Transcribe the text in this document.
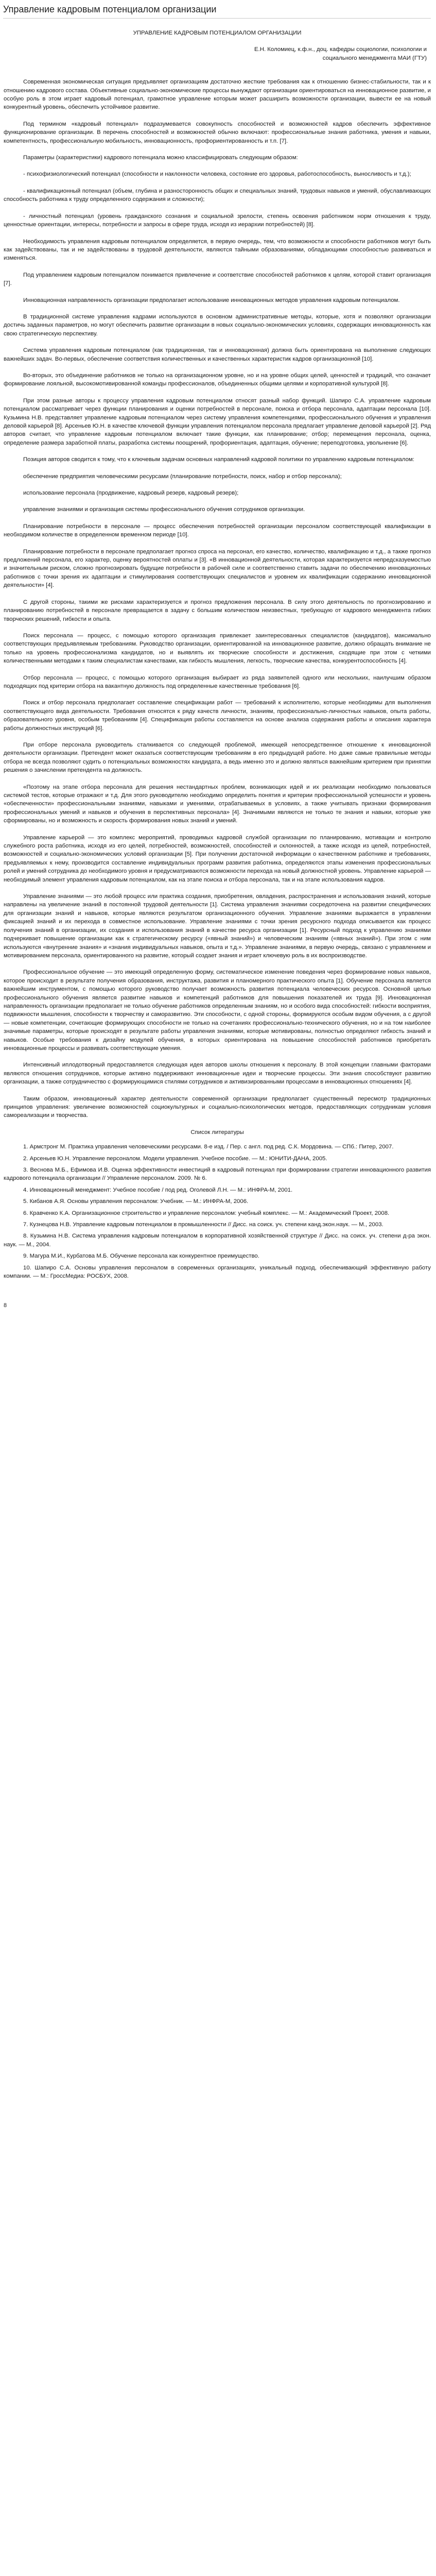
Управление кадровым потенциалом организации
УПРАВЛЕНИЕ КАДРОВЫМ ПОТЕНЦИАЛОМ ОРГАНИЗАЦИИ
Е.Н. Коломиец, к.ф.н., доц. кафедры социологии, психологии и
социального менеджмента МАИ (ГТУ)

Современная экономическая ситуация предъявляет организациям достаточно жесткие требования как к отношению бизнес-стабильности, так и к отношению кадрового состава. Объективные социально-экономические процессы вынуждают организации ориентироваться на инновационное развитие, и особую роль в этом играет кадровый потенциал, грамотное управление которым может расширить возможности организации, вывести ее на новый конкурентный уровень, обеспечить устойчивое развитие.

Под термином «кадровый потенциал» подразумевается совокупность способностей и возможностей кадров обеспечить эффективное функционирование организации. В перечень способностей и возможностей обычно включают: профессиональные знания работника, умения и навыки, компетентность, профессиональную мобильность, инновационность, профориентированность и т.п. [7].

Параметры (характеристики) кадрового потенциала можно классифицировать следующим образом:

- психофизиологический потенциал (способности и наклонности человека, состояние его здоровья, работоспособность, выносливость и т.д.);

- квалификационный потенциал (объем, глубина и разносторонность общих и специальных знаний, трудовых навыков и умений, обуславливающих способность работника к труду определенного содержания и сложности);

- личностный потенциал (уровень гражданского сознания и социальной зрелости, степень освоения работником норм отношения к труду, ценностные ориентации, интересы, потребности и запросы в сфере труда, исходя из иерархии потребностей) [8].

Необходимость управления кадровым потенциалом определяется, в первую очередь, тем, что возможности и способности работников могут быть как задействованы, так и не задействованы в трудовой деятельности, являются тайными образованиями, обладающими способностью развиваться и изменяться.

Под управлением кадровым потенциалом понимается привлечение и соответствие способностей работников к целям, которой ставит организация [7].

Инновационная направленность организации предполагает использование инновационных методов управления кадровым потенциалом.

В традиционной системе управления кадрами используются в основном административные методы, которые, хотя и позволяют организации достичь заданных параметров, но могут обеспечить развитие организации в новых социально-экономических условиях, содержащих инновационность как свою стратегическую перспективу.

Система управления кадровым потенциалом (как традиционная, так и инновационная) должна быть ориентирована на выполнение следующих важнейших задач. Во-первых, обеспечение соответствия количественных и качественных характеристик кадров организационной [10].

Во-вторых, это объединение работников не только на организационном уровне, но и на уровне общих целей, ценностей и традиций, что означает формирование лояльной, высокомотивированной команды профессионалов, объединенных общими целями и корпоративной культурой [8].

При этом разные авторы к процессу управления кадровым потенциалом относят разный набор функций. Шапиро С.А. управление кадровым потенциалом рассматривает через функции планирования и оценки потребностей в персонале, поиска и отбора персонала, адаптации персонала [10]. Кузьмина Н.В. представляет управление кадровым потенциалом через систему управления компетенциями, профессионального обучения и управления деловой карьерой [8]. Арсеньев Ю.Н. в качестве ключевой функции управления потенциалом персонала предлагает управление деловой карьерой [2]. Ряд авторов считает, что управление кадровым потенциалом включает такие функции, как планирование; отбор; перемещения персонала, оценка, определение размера заработной платы, разработка системы поощрений, профориентация, адаптация, обучение; переподготовка, увольнение [6].

Позиция авторов сводится к тому, что к ключевым задачам основных направлений кадровой политики по управлению кадровым потенциалом:

обеспечение предприятия человеческими ресурсами (планирование потребности, поиск, набор и отбор персонала);

использование персонала (продвижение, кадровый резерв, кадровый резерв);

управление знаниями и организация системы профессионального обучения сотрудников организации.

Планирование потребности в персонале — процесс обеспечения потребностей организации персоналом соответствующей квалификации в необходимом количестве в определенном временном периоде [10].

Планирование потребности в персонале предполагает прогноз спроса на персонал, его качество, количество, квалификацию и т.д., а также прогноз предложений персонала, его характер, оценку вероятностей оплаты и [3]. «В инновационной деятельности, которая характеризуется непредсказуемостью и значительным риском, сложно прогнозировать будущие потребности в рабочей силе и соответственно ставить задачи по обеспечению инновационных работников с точки зрения их адаптации и стимулирования соответствующих специалистов и уровнем их квалификации содержанию инновационной деятельности» [4].

С другой стороны, такими же рисками характеризуется и прогноз предложения персонала. В силу этого деятельность по прогнозированию и планированию потребностей в персонале превращается в задачу с большим количеством неизвестных, требующую от кадрового менеджмента гибких творческих решений, гибкости и опыта.

Поиск персонала — процесс, с помощью которого организация привлекает заинтересованных специалистов (кандидатов), максимально соответствующих предъявляемым требованиям. Руководство организации, ориентированной на инновационное развитие, должно обращать внимание не только на уровень профессионализма кандидатов, но и выявлять их творческие способности и достижения, сходящие при этом с четкими количественными методами к таким специалистам качествами, как гибкость мышления, легкость, творческие качества, конкурентоспособность [4].

Отбор персонала — процесс, с помощью которого организация выбирает из ряда заявителей одного или нескольких, наилучшим образом подходящих под критерии отбора на вакантную должность под определенные качественные требования [6].

Поиск и отбор персонала предполагает составление спецификации работ — требований к исполнителю, которые необходимы для выполнения соответствующего вида деятельности. Требования относятся к ряду качеств личности, знаниям, профессионально-личностных навыков, опыта работы, образовательного уровня, особым требованиям [4]. Спецификация работы составляется на основе анализа содержания работы и описания характера работы должностных инструкций [6].

При отборе персонала руководитель сталкивается со следующей проблемой, имеющей непосредственное отношение к инновационной деятельности организации. Претендент может оказаться соответствующим требованиям в его предыдущей работе. Но даже самые правильные методы отбора не всегда позволяют судить о потенциальных возможностях кандидата, а ведь именно это и должно являться важнейшим критерием при принятии решения о зачислении претендента на должность.

«Поэтому на этапе отбора персонала для решения нестандартных проблем, возникающих идей и их реализации необходимо пользоваться системой тестов, которые отражают и т.д. Для этого руководителю необходимо определить понятия и критерии профессиональной успешности и уровень «обеспеченности» профессиональными знаниями, навыками и умениями, отрабатываемых в условиях, а также учитывать признаки формирования профессиональных умений и навыков и обучения в перспективных персонала» [4]. Значимыми являются не только те знания и навыки, которые уже сформированы, но и возможность и скорость формирования новых знаний и умений.

Управление карьерой — это комплекс мероприятий, проводимых кадровой службой организации по планированию, мотивации и контролю служебного роста работника, исходя из его целей, потребностей, возможностей, способностей и склонностей, а также исходя из целей, потребностей, возможностей и социально-экономических условий организации [5]. При получении достаточной информации о качественном работнике и требованиях, предъявляемых к нему, производится составление индивидуальных программ развития работника, определяются этапы изменения профессиональных ролей и умений сотрудника до необходимого уровня и предусматриваются возможности перехода на новый должностной уровень. Управление карьерой — необходимый элемент управления кадровым потенциалом, как на этапе поиска и отбора персонала, так и на этапе использования кадров.

Управление знаниями — это любой процесс или практика создания, приобретения, овладения, распространения и использования знаний, которые направлены на увеличение знаний в постоянной трудовой деятельности [1]. Система управления знаниями сосредоточена на развитии специфических для организации знаний и навыков, которые являются результатом организационного обучения. Управление знаниями выражается в управлении фиксацией знаний и их перехода в совместное использование. Управление знаниями с точки зрения ресурсного подхода описывается как процесс получения знаний в организации, их создания и использования знаний в качестве ресурса организации [1]. Ресурсный подход к управлению знаниями подчеркивает повышение организации как к стратегическому ресурсу («явный знаний») и человеческим знаниям («явных знаний»). При этом с ним используются «внутренние знания» и «знания индивидуальных навыков, опыта и т.д.». Управление знаниями, в первую очередь, связано с управлением и мотивированием персонала, ориентированного на развитие, который создает знания и играет ключевую роль в их воспроизводстве.

Профессиональное обучение — это имеющий определенную форму, систематическое изменение поведения через формирование новых навыков, которое происходит в результате получения образования, инструктажа, развития и планомерного практического опыта [1]. Обучение персонала является важнейшим инструментом, с помощью которого руководство получает возможность развития потенциала человеческих ресурсов. Основной целью профессионального обучения является развитие навыков и компетенций работников для повышения показателей их труда [9]. Инновационная направленность организации предполагает не только обучение работников определенным знаниям, но и особого вида способностей: гибкости восприятия, подвижности мышления, способности к творчеству и саморазвитию. Эти способности, с одной стороны, формируются особым видом обучения, а с другой — новые компетенции, сочетающие формирующих способности не только на сочетаниях профессионально-технического обучения, но и на том наиболее значимые параметры, которые происходят в результате работы управления знаниями, которые мотивированы, полностью определяют гибкость знаний и навыков. Особые требования к дизайну модулей обучения, в которых ориентирована на повышение способностей работников приобретать инновационные процессы и развивать соответствующие умения.

Интенсивный иплодотворный предоставляется следующая идея авторов школы отношения к персоналу. В этой концепции главными факторами являются отношения сотрудников, которые активно поддерживают инновационные идеи и творческие процессы. Эти знания способствуют развитию организации, а также сотрудничество с формирующимися стилями сотрудников и активизированными процессами в инновационных отношениях [4].

Таким образом, инновационный характер деятельности современной организации предполагает существенный пересмотр традиционных принципов управления: увеличение возможностей социокультурных и социально-психологических методов, предоставляющих сотрудникам условия самореализации и творчества.

Список литературы
1. Армстронг М. Практика управления человеческими ресурсами. 8-е изд. / Пер. с англ. под ред. С.К. Мордовина. — СПб.: Питер, 2007.
2. Арсеньев Ю.Н. Управление персоналом. Модели управления. Учебное пособие. — М.: ЮНИТИ-ДАНА, 2005.
3. Веснова М.Б., Ефимова И.В. Оценка эффективности инвестиций в кадровый потенциал при формировании стратегии инновационного развития кадрового потенциала организации // Управление персоналом. 2009. № 6.
4. Инновационный менеджмент: Учебное пособие / под ред. Оголевой Л.Н. — М.: ИНФРА-М, 2001.
5. Кибанов А.Я. Основы управления персоналом: Учебник. — М.: ИНФРА-М, 2006.
6. Кравченко К.А. Организационное строительство и управление персоналом: учебный комплекс. — М.: Академический Проект, 2008.
7. Кузнецова Н.В. Управление кадровым потенциалом в промышленности // Дисс. на соиск. уч. степени канд.экон.наук. — М., 2003.
8. Кузьмина Н.В. Система управления кадровым потенциалом в корпоративной хозяйственной структуре // Дисс. на соиск. уч. степени д-ра экон. наук. — М., 2004.
9. Магура М.И., Курбатова М.Б. Обучение персонала как конкурентное преимущество.
10. Шапиро С.А. Основы управления персоналом в современных организациях, уникальный подход, обеспечивающий эффективную работу компании. — М.: ГроссМедиа: РОСБУХ, 2008.
8
